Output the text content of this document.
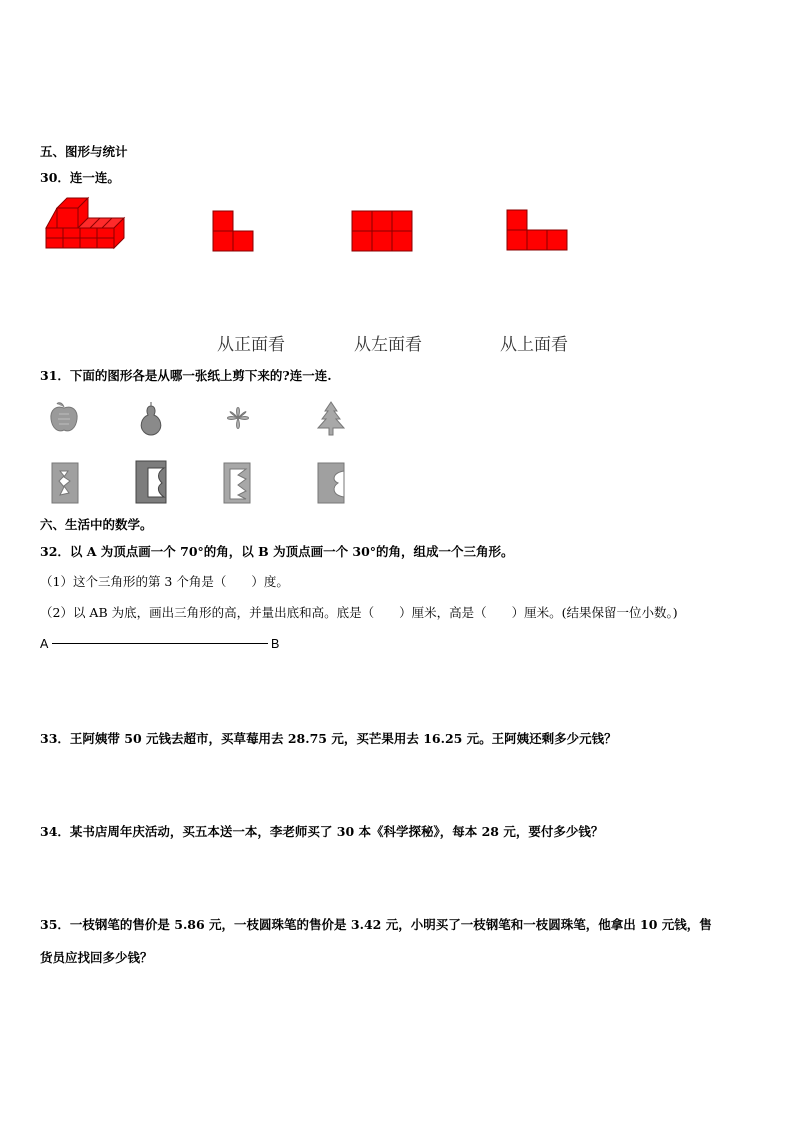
五、图形与统计
30．连一连。
从正面看	从左面看	从上面看
31．下面的图形各是从哪一张纸上剪下来的?连一连.
六、生活中的数学。
32．以 A 为顶点画一个 70°的角，以 B 为顶点画一个 30°的角，组成一个三角形。
（1）这个三角形的第 3 个角是（　　）度。
（2）以 AB 为底，画出三角形的高，并量出底和高。底是（　　）厘米，高是（　　）厘米。(结果保留一位小数。)
A	B
33．王阿姨带 50 元钱去超市，买草莓用去 28.75 元，买芒果用去 16.25 元。王阿姨还剩多少元钱？
34．某书店周年庆活动，买五本送一本，李老师买了 30 本《科学探秘》，每本 28 元，要付多少钱？
35．一枝钢笔的售价是 5.86 元，一枝圆珠笔的售价是 3.42 元，小明买了一枝钢笔和一枝圆珠笔，他拿出 10 元钱，售
货员应找回多少钱？
